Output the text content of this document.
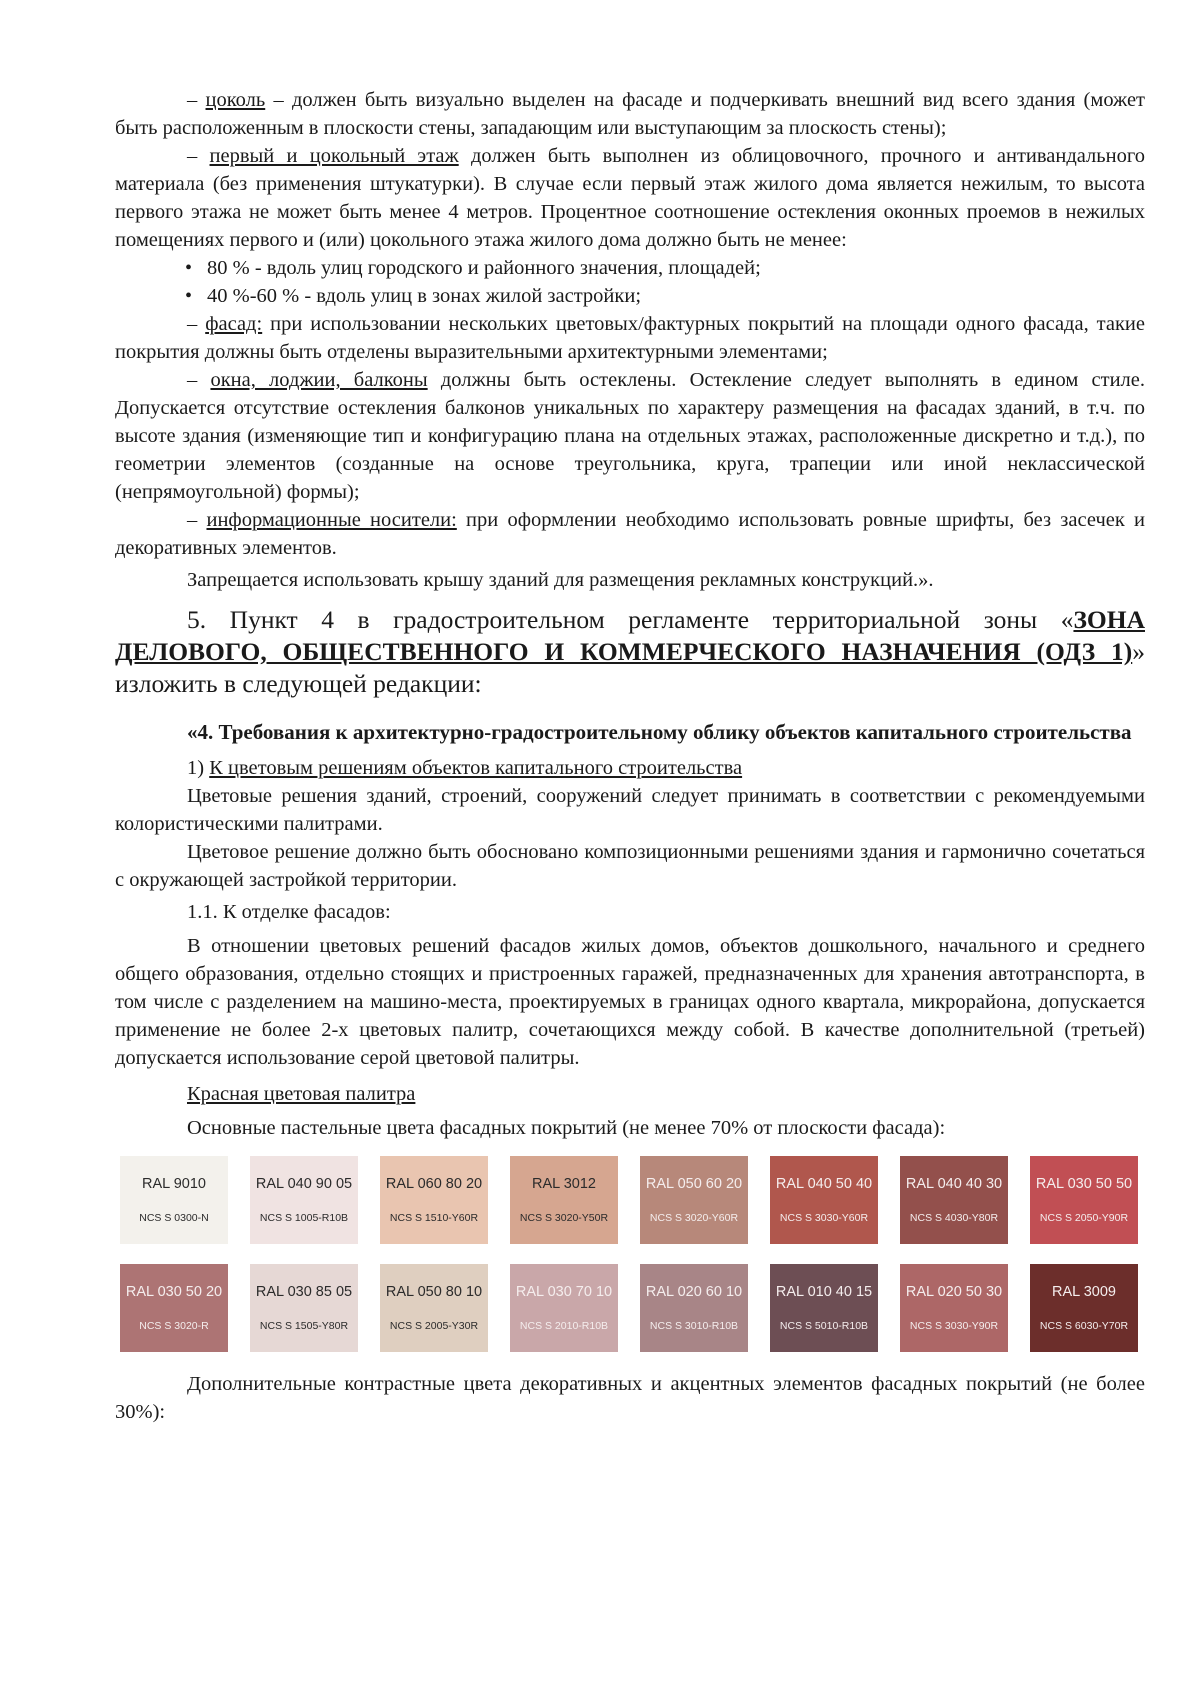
– цоколь – должен быть визуально выделен на фасаде и подчеркивать внешний вид всего здания (может быть расположенным в плоскости стены, западающим или выступающим за плоскость стены);

– первый и цокольный этаж должен быть выполнен из облицовочного, прочного и антивандального материала (без применения штукатурки). В случае если первый этаж жилого дома является нежилым, то высота первого этажа не может быть менее 4 метров. Процентное соотношение остекления оконных проемов в нежилых помещениях первого и (или) цокольного этажа жилого дома должно быть не менее:

• 80 % - вдоль улиц городского и районного значения, площадей;
• 40 %-60 % - вдоль улиц в зонах жилой застройки;

– фасад: при использовании нескольких цветовых/фактурных покрытий на площади одного фасада, такие покрытия должны быть отделены выразительными архитектурными элементами;

– окна, лоджии, балконы должны быть остеклены. Остекление следует выполнять в едином стиле. Допускается отсутствие остекления балконов уникальных по характеру размещения на фасадах зданий, в т.ч. по высоте здания (изменяющие тип и конфигурацию плана на отдельных этажах, расположенные дискретно и т.д.), по геометрии элементов (созданные на основе треугольника, круга, трапеции или иной неклассической (непрямоугольной) формы);

– информационные носители: при оформлении необходимо использовать ровные шрифты, без засечек и декоративных элементов.

Запрещается использовать крышу зданий для размещения рекламных конструкций.».

5. Пункт 4 в градостроительном регламенте территориальной зоны «ЗОНА ДЕЛОВОГО, ОБЩЕСТВЕННОГО И КОММЕРЧЕСКОГО НАЗНАЧЕНИЯ (ОДЗ 1)» изложить в следующей редакции:

«4. Требования к архитектурно-градостроительному облику объектов капитального строительства

1) К цветовым решениям объектов капитального строительства

Цветовые решения зданий, строений, сооружений следует принимать в соответствии с рекомендуемыми колористическими палитрами.

Цветовое решение должно быть обосновано композиционными решениями здания и гармонично сочетаться с окружающей застройкой территории.

1.1. К отделке фасадов:

В отношении цветовых решений фасадов жилых домов, объектов дошкольного, начального и среднего общего образования, отдельно стоящих и пристроенных гаражей, предназначенных для хранения автотранспорта, в том числе с разделением на машино-места, проектируемых в границах одного квартала, микрорайона, допускается применение не более 2-х цветовых палитр, сочетающихся между собой. В качестве дополнительной (третьей) допускается использование серой цветовой палитры.

Красная цветовая палитра

Основные пастельные цвета фасадных покрытий (не менее 70% от плоскости фасада):

RAL 9010
NCS S 0300-N
RAL 040 90 05
NCS S 1005-R10B
RAL 060 80 20
NCS S 1510-Y60R
RAL 3012
NCS S 3020-Y50R
RAL 050 60 20
NCS S 3020-Y60R
RAL 040 50 40
NCS S 3030-Y60R
RAL 040 40 30
NCS S 4030-Y80R
RAL 030 50 50
NCS S 2050-Y90R
RAL 030 50 20
NCS S 3020-R
RAL 030 85 05
NCS S 1505-Y80R
RAL 050 80 10
NCS S 2005-Y30R
RAL 030 70 10
NCS S 2010-R10B
RAL 020 60 10
NCS S 3010-R10B
RAL 010 40 15
NCS S 5010-R10B
RAL 020 50 30
NCS S 3030-Y90R
RAL 3009
NCS S 6030-Y70R

Дополнительные контрастные цвета декоративных и акцентных элементов фасадных покрытий (не более 30%):
